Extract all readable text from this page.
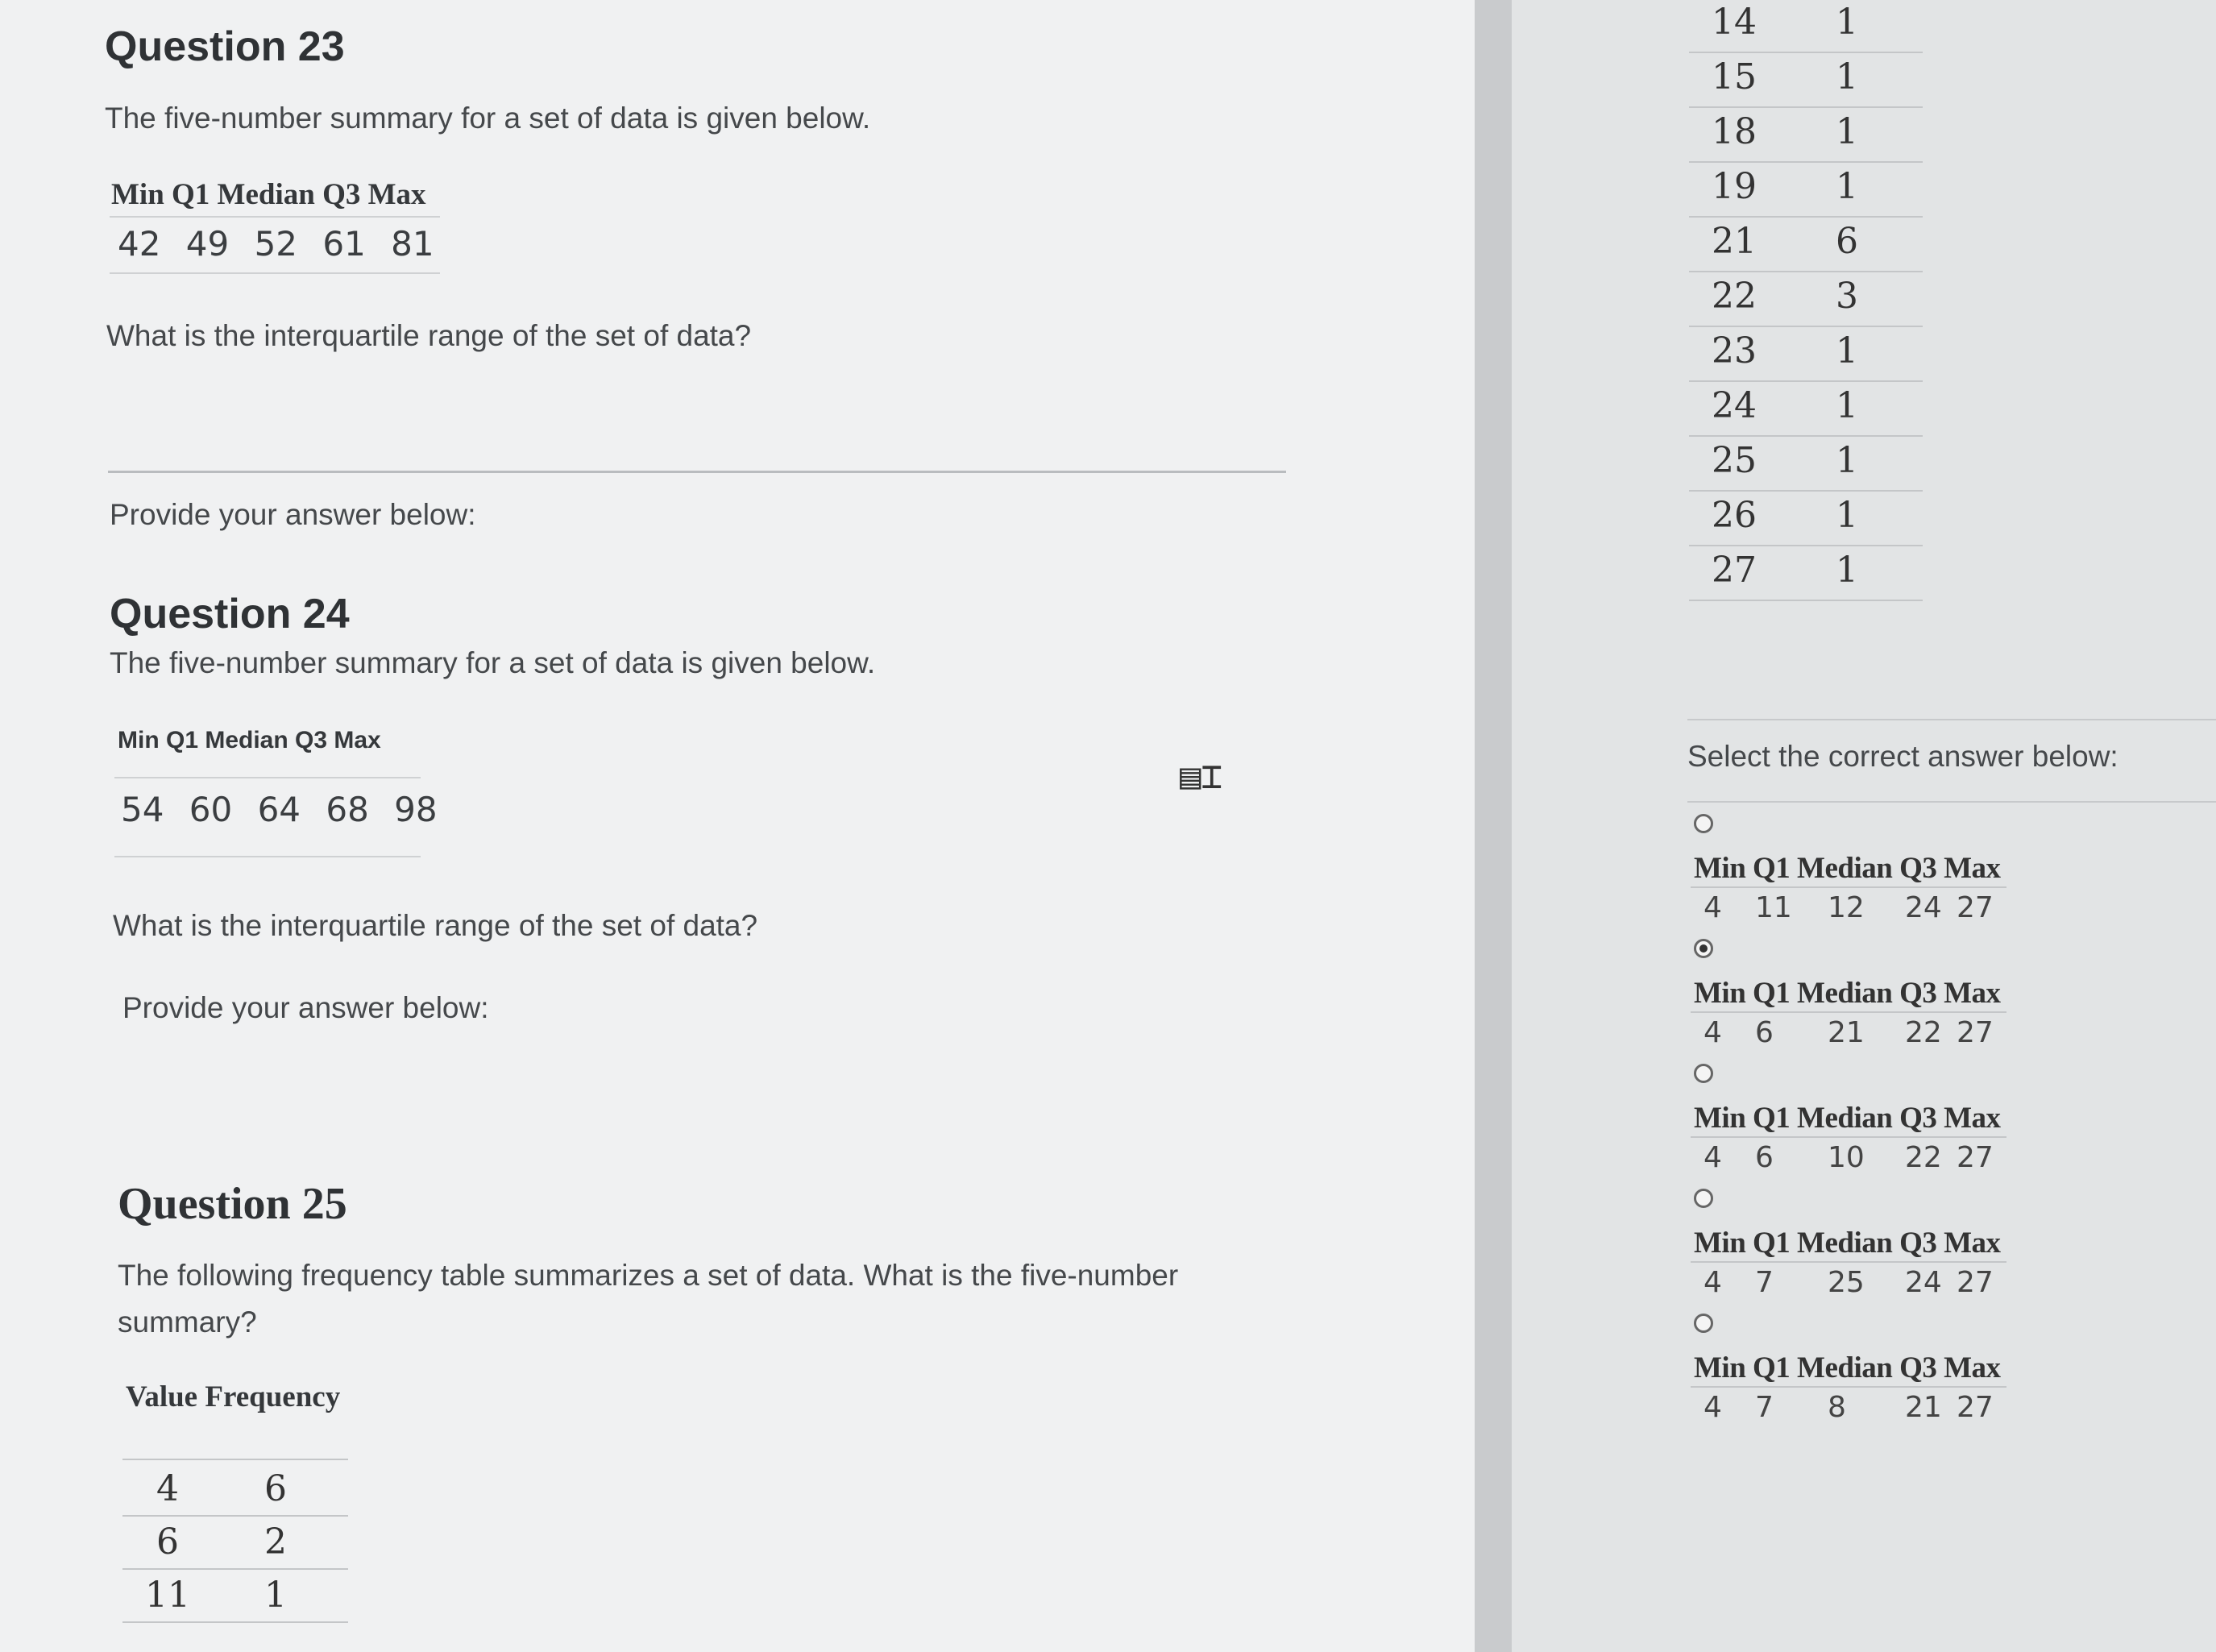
Question 23
The five-number summary for a set of data is given below.
Min Q1 Median Q3 Max
42 49 52 61 81
What is the interquartile range of the set of data?
Provide your answer below:
Question 24
The five-number summary for a set of data is given below.
Min Q1 Median Q3 Max
54 60 64 68 98
▤⌶
What is the interquartile range of the set of data?
Provide your answer below:
Question 25
The following frequency table summarizes a set of data. What is the five-number summary?
Value Frequency
4	6
6	2
11	1
14	1
15	1
18	1
19	1
21	6
22	3
23	1
24	1
25	1
26	1
27	1
Select the correct answer below:
Min Q1 Median Q3 Max
4 11 12 24 27
Min Q1 Median Q3 Max
4 6 21 22 27
Min Q1 Median Q3 Max
4 6 10 22 27
Min Q1 Median Q3 Max
4 7 25 24 27
Min Q1 Median Q3 Max
4 7 8 21 27
